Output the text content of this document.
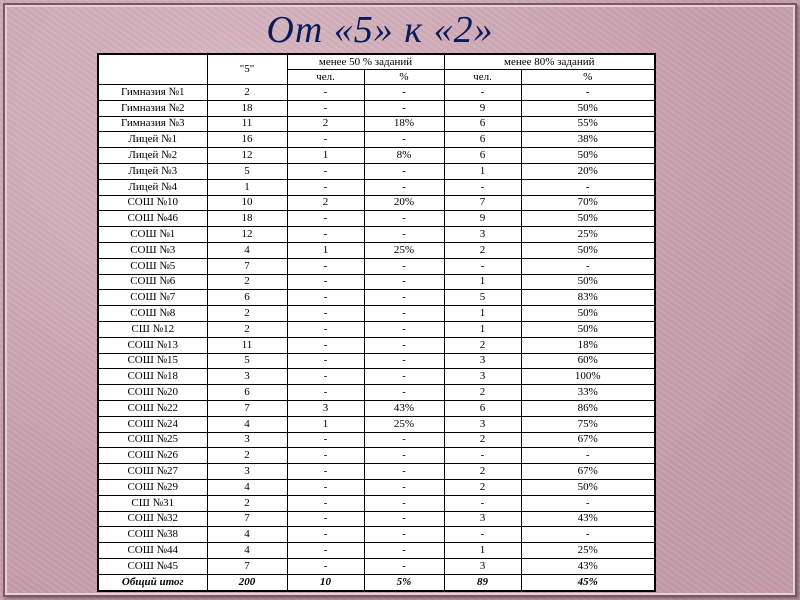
От «5» к «2»
	"5"	менее 50 % заданий		менее 80% заданий	
		чел.	%	чел.	%
Гимназия №1	2	-	-	-	-
Гимназия №2	18	-	-	9	50%
Гимназия №3	11	2	18%	6	55%
Лицей №1	16	-	-	6	38%
Лицей №2	12	1	8%	6	50%
Лицей №3	5	-	-	1	20%
Лицей №4	1	-	-	-	-
СОШ №10	10	2	20%	7	70%
СОШ №46	18	-	-	9	50%
СОШ №1	12	-	-	3	25%
СОШ №3	4	1	25%	2	50%
СОШ №5	7	-	-	-	-
СОШ №6	2	-	-	1	50%
СОШ №7	6	-	-	5	83%
СОШ №8	2	-	-	1	50%
СШ №12	2	-	-	1	50%
СОШ №13	11	-	-	2	18%
СОШ №15	5	-	-	3	60%
СОШ №18	3	-	-	3	100%
СОШ №20	6	-	-	2	33%
СОШ №22	7	3	43%	6	86%
СОШ №24	4	1	25%	3	75%
СОШ №25	3	-	-	2	67%
СОШ №26	2	-	-	-	-
СОШ №27	3	-	-	2	67%
СОШ №29	4	-	-	2	50%
СШ №31	2	-	-	-	-
СОШ №32	7	-	-	3	43%
СОШ №38	4	-	-	-	-
СОШ №44	4	-	-	1	25%
СОШ №45	7	-	-	3	43%
Общий итог	200	10	5%	89	45%
